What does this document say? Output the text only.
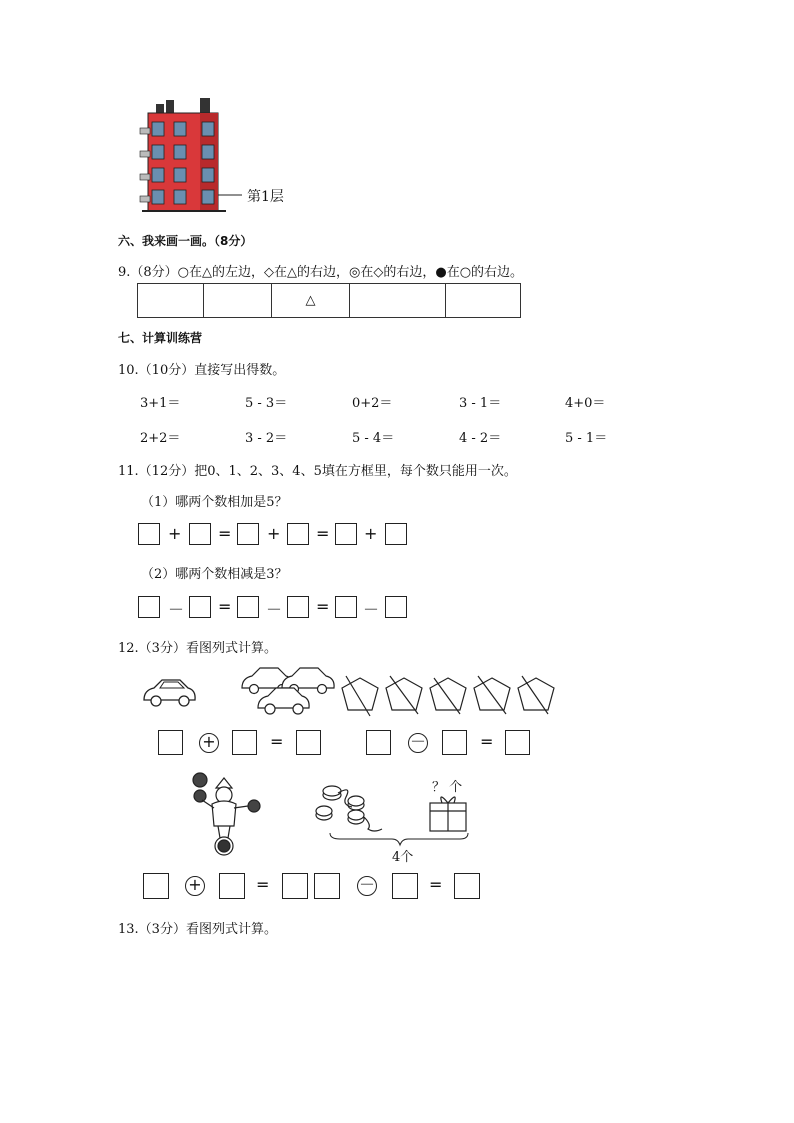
第1层
六、我来画一画。（8分）
9.（8分）○在△的左边，◇在△的右边，◎在◇的右边，●在○的右边。
		△		
七、计算训练营
10.（10分）直接写出得数。
3+1＝	5 - 3＝	0+2＝	3 - 1＝	4+0＝
2+2＝	3 - 2＝	5 - 4＝	4 - 2＝	5 - 1＝
11.（12分）把0、1、2、3、4、5填在方框里，每个数只能用一次。
（1）哪两个数相加是5？
+ = + = +
（2）哪两个数相减是3？
－ = － = －
12.（3分）看图列式计算。
+	=	－	=
？ 个
4个
+	=	－	=
13.（3分）看图列式计算。
